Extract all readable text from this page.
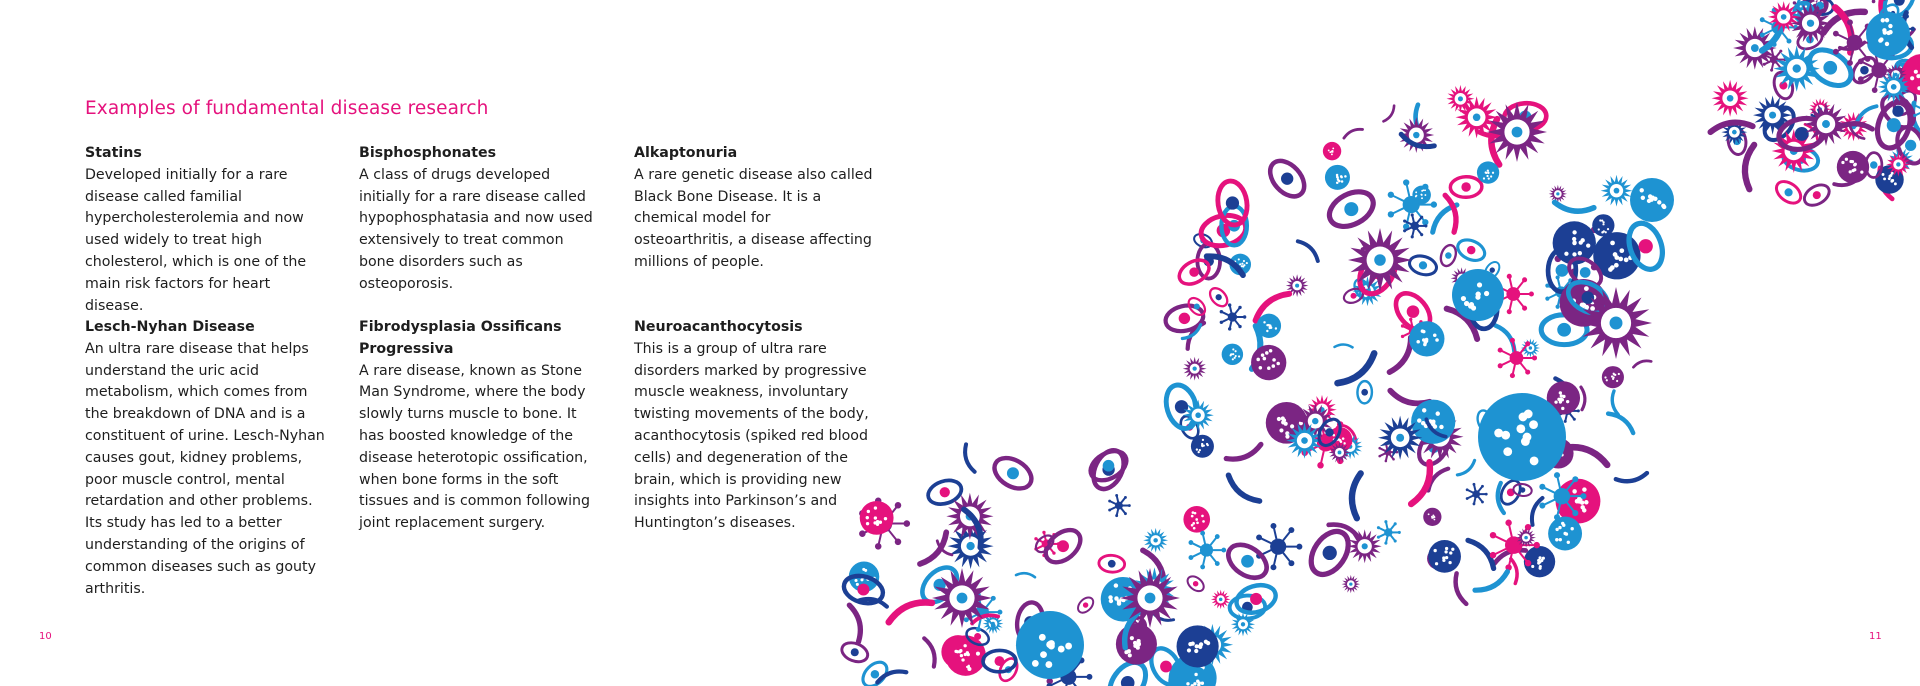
Examples of fundamental disease research
Statins

Developed initially for a rare disease called familial hypercholesterolemia and now used widely to treat high cholesterol, which is one of the main risk factors for heart disease.

Bisphosphonates

A class of drugs developed initially for a rare disease called hypophosphatasia and now used extensively to treat common bone disorders such as osteoporosis.

Alkaptonuria

A rare genetic disease also called Black Bone Disease. It is a chemical model for osteoarthritis, a disease affecting millions of people.

Lesch-Nyhan Disease

An ultra rare disease that helps understand the uric acid metabolism, which comes from the breakdown of DNA and is a constituent of urine. Lesch-Nyhan causes gout, kidney problems, poor muscle control, mental retardation and other problems. Its study has led to a better understanding of the origins of common diseases such as gouty arthritis.

Fibrodysplasia Ossificans Progressiva

A rare disease, known as Stone Man Syndrome, where the body slowly turns muscle to bone. It has boosted knowledge of the disease heterotopic ossification, when bone forms in the soft tissues and is common following joint replacement surgery.

Neuroacanthocytosis

This is a group of ultra rare disorders marked by progressive muscle weakness, involuntary twisting movements of the body, acanthocytosis (spiked red blood cells) and degeneration of the brain, which is providing new insights into Parkinson’s and Huntington’s diseases.

10	11
